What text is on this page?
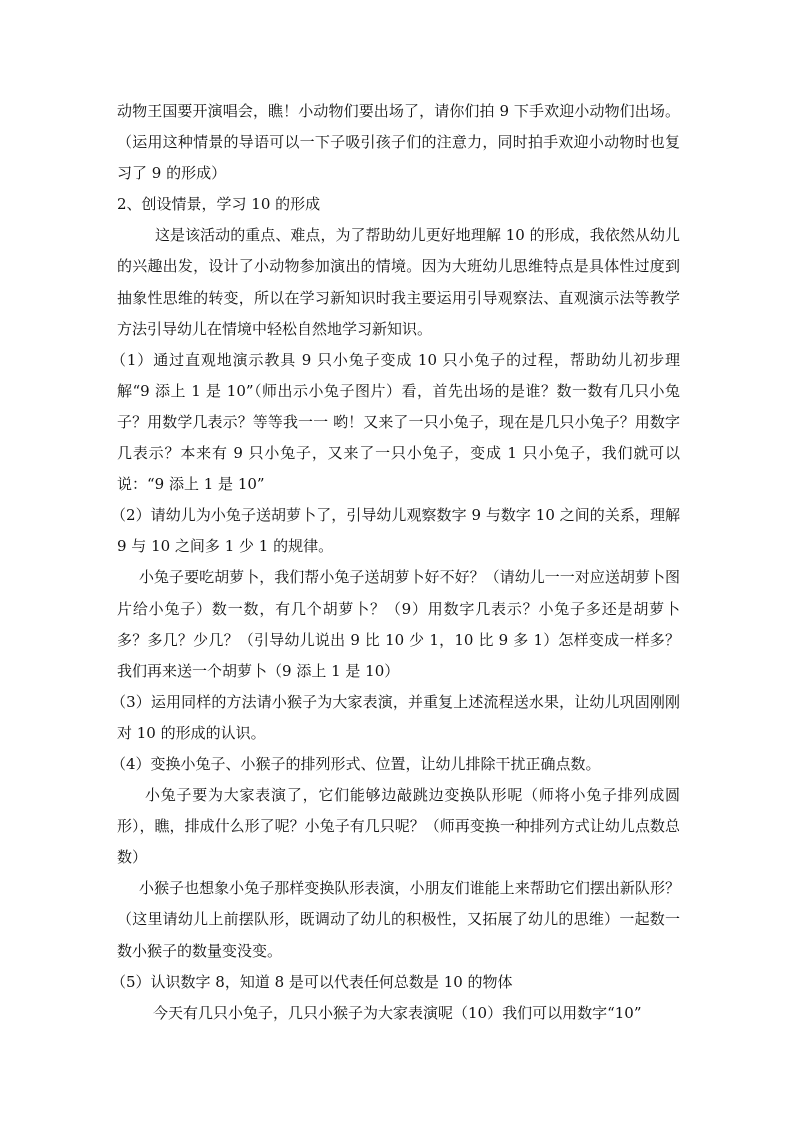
动物王国要开演唱会，瞧！小动物们要出场了，请你们拍 9 下手欢迎小动物们出场。（运用这种情景的导语可以一下子吸引孩子们的注意力，同时拍手欢迎小动物时也复习了 9 的形成）

2、创设情景，学习 10 的形成

这是该活动的重点、难点，为了帮助幼儿更好地理解 10 的形成，我依然从幼儿的兴趣出发，设计了小动物参加演出的情境。因为大班幼儿思维特点是具体性过度到抽象性思维的转变，所以在学习新知识时我主要运用引导观察法、直观演示法等教学方法引导幼儿在情境中轻松自然地学习新知识。

（1）通过直观地演示教具 9 只小兔子变成 10 只小兔子的过程，帮助幼儿初步理解“9 添上 1 是 10”（师出示小兔子图片）看，首先出场的是谁？数一数有几只小兔子？用数学几表示？等等我一一 哟！又来了一只小兔子，现在是几只小兔子？用数字几表示？本来有 9 只小兔子，又来了一只小兔子，变成 1 只小兔子，我们就可以说：“9 添上 1 是 10”

（2）请幼儿为小兔子送胡萝卜了，引导幼儿观察数字 9 与数字 10 之间的关系，理解 9 与 10 之间多 1 少 1 的规律。

小兔子要吃胡萝卜，我们帮小兔子送胡萝卜好不好？（请幼儿一一对应送胡萝卜图片给小兔子）数一数，有几个胡萝卜？（9）用数字几表示？小兔子多还是胡萝卜多？多几？少几？（引导幼儿说出 9 比 10 少 1，10 比 9 多 1）怎样变成一样多？我们再来送一个胡萝卜（9 添上 1 是 10）

（3）运用同样的方法请小猴子为大家表演，并重复上述流程送水果，让幼儿巩固刚刚对 10 的形成的认识。

（4）变换小兔子、小猴子的排列形式、位置，让幼儿排除干扰正确点数。

小兔子要为大家表演了，它们能够边敲跳边变换队形呢（师将小兔子排列成圆形），瞧，排成什么形了呢？小兔子有几只呢？（师再变换一种排列方式让幼儿点数总数）

小猴子也想象小兔子那样变换队形表演，小朋友们谁能上来帮助它们摆出新队形？（这里请幼儿上前摆队形，既调动了幼儿的积极性，又拓展了幼儿的思维）一起数一数小猴子的数量变没变。

（5）认识数字 8，知道 8 是可以代表任何总数是 10 的物体

今天有几只小兔子，几只小猴子为大家表演呢（10）我们可以用数字“10”
